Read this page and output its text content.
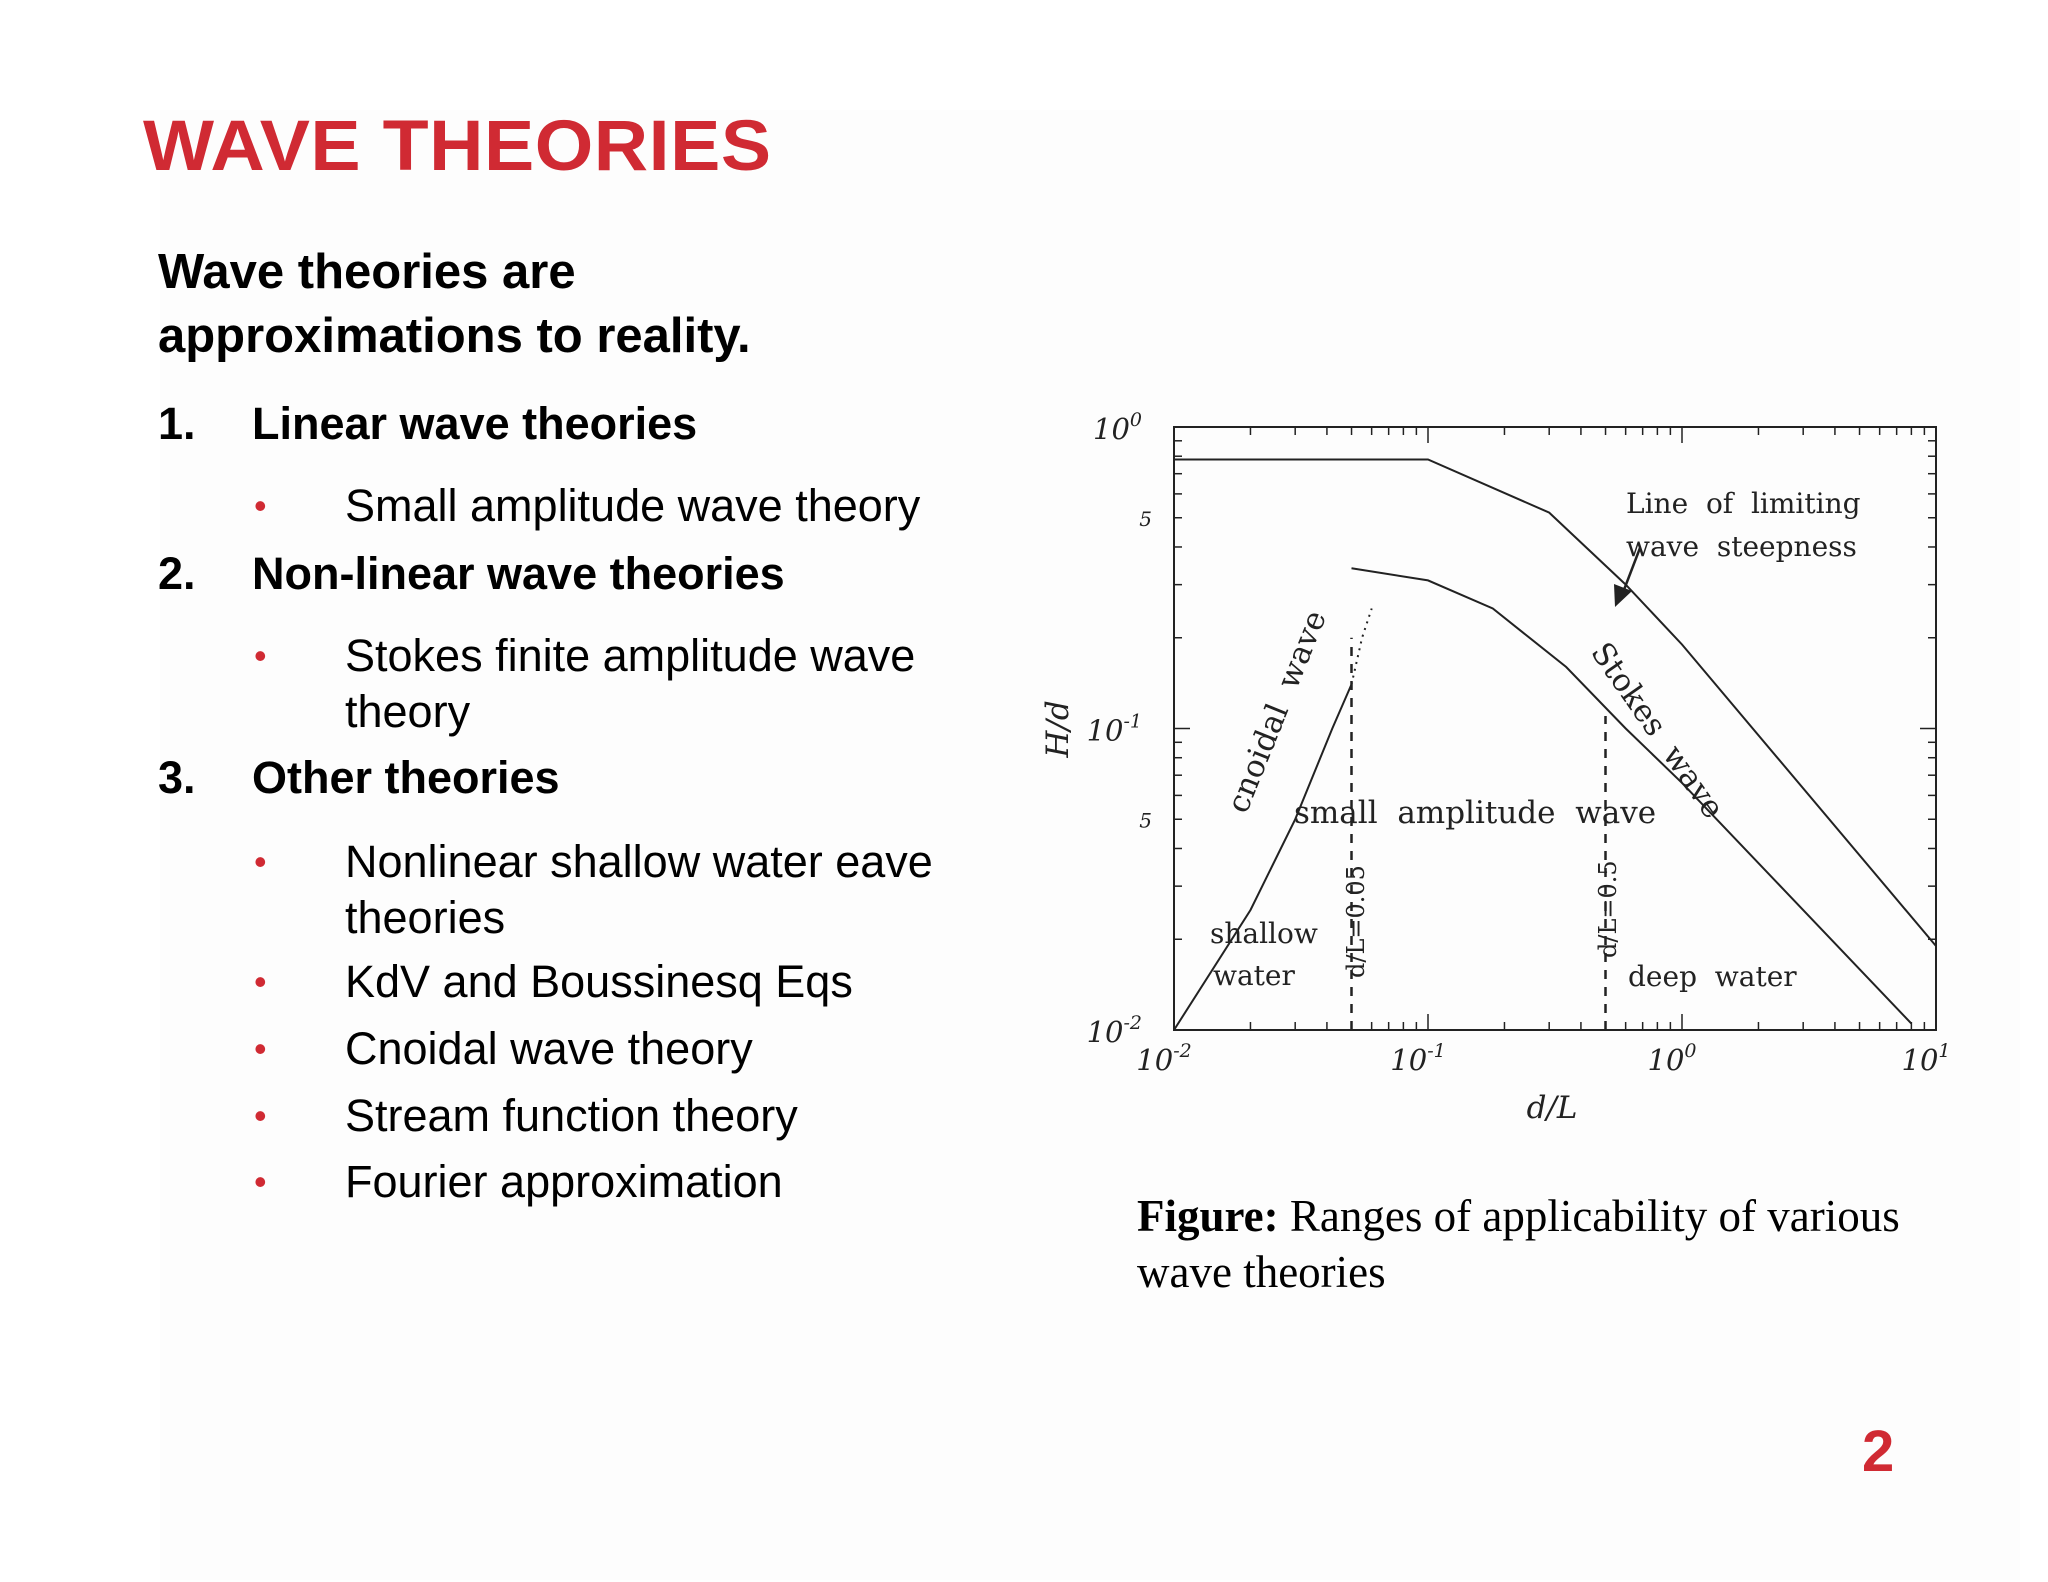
WAVE THEORIES
Wave theories are
approximations to reality.
1. Linear wave theories
• Small amplitude wave theory
2. Non-linear wave theories
• Stokes finite amplitude wave
theory
3. Other theories
• Nonlinear shallow water eave
theories
• KdV and Boussinesq Eqs
• Cnoidal wave theory
• Stream function theory
• Fourier approximation
$10^{-2}$	$10^{-1}$	$10^0$	$10^1$
$10^{-2}$
$10^{-1}$
$10^0$
5
5
d/L
H/d
Line  of  limiting
wave  steepness
Stokes  wave
cnoidal  wave
small  amplitude  wave
shallow
water	deep  water
d/L=0.05	d/L=0.5
Figure: Ranges of applicability of various wave theories
2
